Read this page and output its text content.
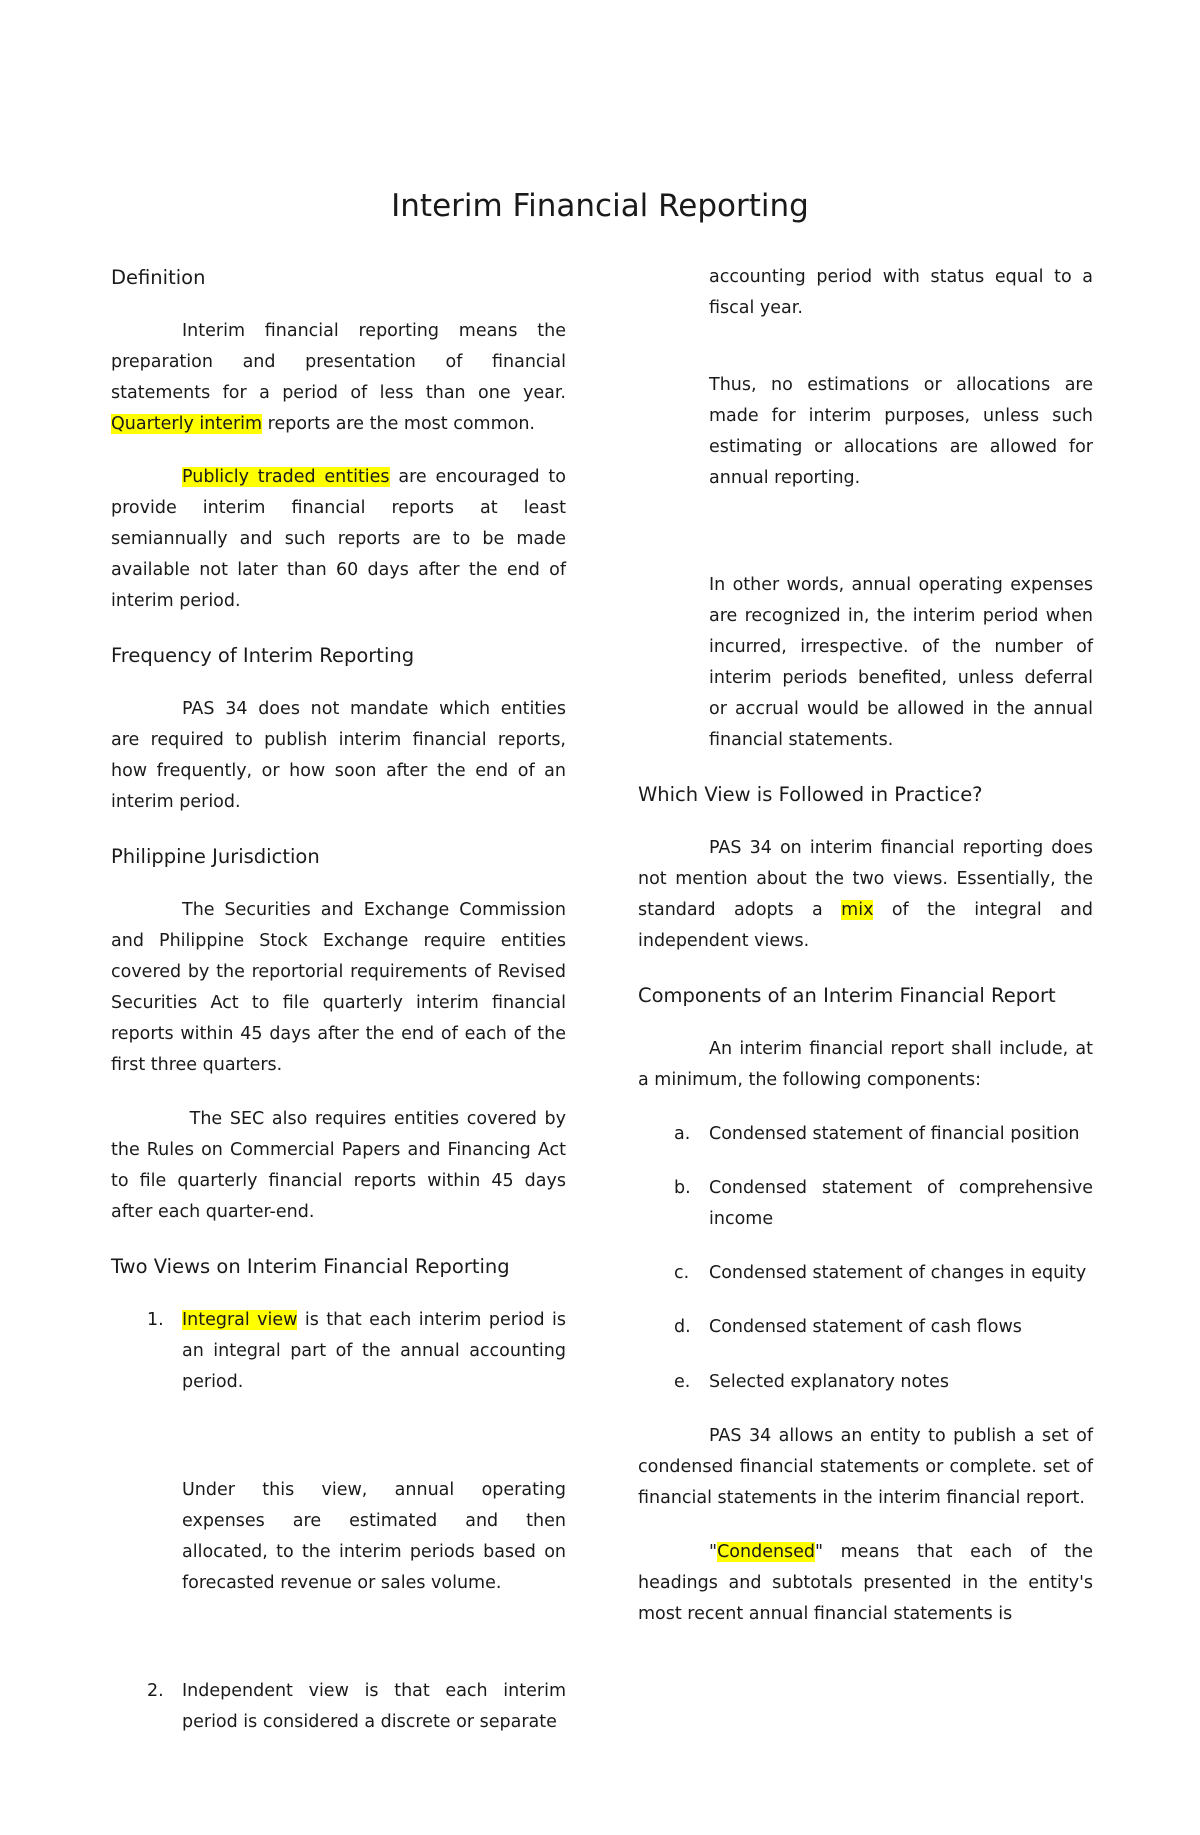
Interim Financial Reporting
Definition

Interim financial reporting means the preparation and presentation of financial statements for a period of less than one year. Quarterly interim reports are the most common.

Publicly traded entities are encouraged to provide interim financial reports at least semiannually and such reports are to be made available not later than 60 days after the end of interim period.

Frequency of Interim Reporting

PAS 34 does not mandate which entities are required to publish interim financial reports, how frequently, or how soon after the end of an interim period.

Philippine Jurisdiction

The Securities and Exchange Commission and Philippine Stock Exchange require entities covered by the reportorial requirements of Revised Securities Act to file quarterly interim financial reports within 45 days after the end of each of the first three quarters.

The SEC also requires entities covered by the Rules on Commercial Papers and Financing Act to file quarterly financial reports within 45 days after each quarter-end.

Two Views on Interim Financial Reporting
1. Integral view is that each interim period is an integral part of the annual accounting period.

Under this view, annual operating expenses are estimated and then allocated, to the interim periods based on forecasted revenue or sales volume.

2. Independent view is that each interim period is considered a discrete or separate

accounting period with status equal to a fiscal year.

Thus, no estimations or allocations are made for interim purposes, unless such estimating or allocations are allowed for annual reporting.

In other words, annual operating expenses are recognized in, the interim period when incurred, irrespective. of the number of interim periods benefited, unless deferral or accrual would be allowed in the annual financial statements.

Which View is Followed in Practice?

PAS 34 on interim financial reporting does not mention about the two views. Essentially, the standard adopts a mix of the integral and independent views.

Components of an Interim Financial Report

An interim financial report shall include, at a minimum, the following components:

a. Condensed statement of financial position
b. Condensed statement of comprehensive income
c. Condensed statement of changes in equity
d. Condensed statement of cash flows
e. Selected explanatory notes

PAS 34 allows an entity to publish a set of condensed financial statements or complete. set of financial statements in the interim financial report.

"Condensed" means that each of the headings and subtotals presented in the entity's most recent annual financial statements is
